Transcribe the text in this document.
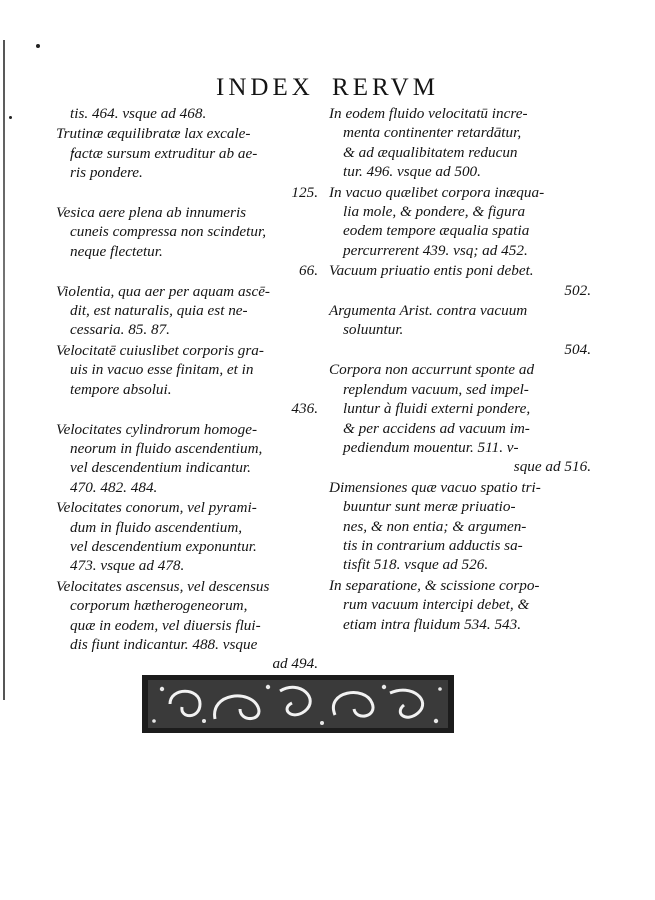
INDEX RERVM

tis. 464. vsque ad 468.

Trutinæ æquilibratæ lax excale-
factæ sursum extruditur ab ae-
ris pondere.
125.

Vesica aere plena ab innumeris
cuneis compressa non scindetur,
neque flectetur.
66.

Violentia, qua aer per aquam ascē-
dit, est naturalis, quia est ne-
cessaria. 85. 87.

Velocitatē cuiuslibet corporis gra-
uis in vacuo esse finitam, et in
tempore absolui.
436.

Velocitates cylindrorum homoge-
neorum in fluido ascendentium,
vel descendentium indicantur.
470. 482. 484.

Velocitates conorum, vel pyrami-
dum in fluido ascendentium,
vel descendentium exponuntur.
473. vsque ad 478.

Velocitates ascensus, vel descensus
corporum hætherogeneorum,
quæ in eodem, vel diuersis flui-
dis fiunt indicantur. 488. vsque
ad 494.

In eodem fluido velocitatū incre-
menta continenter retardātur,
& ad æqualibitatem reducun
tur. 496. vsque ad 500.

In vacuo quælibet corpora inæqua-
lia mole, & pondere, & figura
eodem tempore æqualia spatia
percurrerent 439. vsq; ad 452.

Vacuum priuatio entis poni debet.
502.

Argumenta Arist. contra vacuum
soluuntur.
504.

Corpora non accurrunt sponte ad
replendum vacuum, sed impel-
luntur à fluidi externi pondere,
& per accidens ad vacuum im-
pediendum mouentur. 511. v-
sque ad 516.

Dimensiones quæ vacuo spatio tri-
buuntur sunt meræ priuatio-
nes, & non entia; & argumen-
tis in contrarium adductis sa-
tisfit 518. vsque ad 526.

In separatione, & scissione corpo-
rum vacuum intercipi debet, &
etiam intra fluidum 534. 543.
